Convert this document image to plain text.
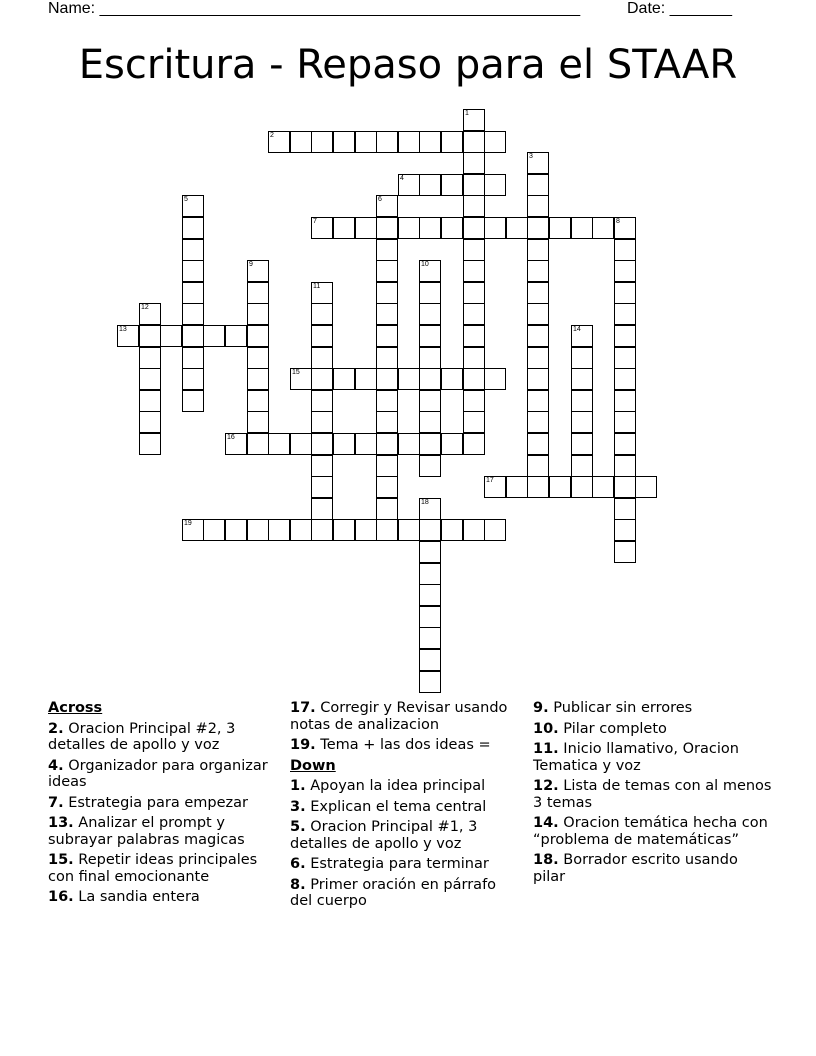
Name: ______________________________________________________	Date: _______
Escritura - Repaso para el STAAR
1
2
3
4
5	6
7	8
9	10
11
12
13	14
15
16
17
18
19
Across
2. Oracion Principal #2, 3 detalles de apollo y voz
4. Organizador para organizar ideas
7. Estrategia para empezar
13. Analizar el prompt y subrayar palabras magicas
15. Repetir ideas principales con final emocionante
16. La sandia entera
17. Corregir y Revisar usando notas de analizacion
19. Tema + las dos ideas =
Down
1. Apoyan la idea principal
3. Explican el tema central
5. Oracion Principal #1, 3 detalles de apollo y voz
6. Estrategia para terminar
8. Primer oración en párrafo del cuerpo
9. Publicar sin errores
10. Pilar completo
11. Inicio llamativo, Oracion Tematica y voz
12. Lista de temas con al menos 3 temas
14. Oracion temática hecha con “problema de matemáticas”
18. Borrador escrito usando pilar
